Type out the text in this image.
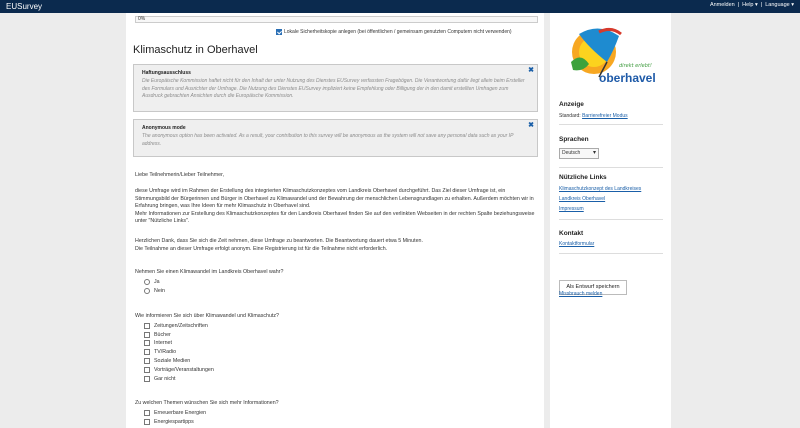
EUSurvey	Anmelden | Help ▾ | Language ▾
0%
Lokale Sicherheitskopie anlegen (bei öffentlichen / gemeinsam genutzten Computern nicht verwenden)
Klimaschutz in Oberhavel
✖
Haftungsausschluss
Die Europäische Kommission haftet nicht für den Inhalt der unter Nutzung des Dienstes EUSurvey verfassten Fragebögen. Die Verantwortung dafür liegt allein beim Ersteller des Formulars und Ausrichter der Umfrage. Die Nutzung des Dienstes EUSurvey impliziert keine Empfehlung oder Billigung der in den damit erstellten Umfragen zum Ausdruck gebrachten Ansichten durch die Europäische Kommission.
✖
Anonymous mode
The anonymous option has been activated. As a result, your contribution to this survey will be anonymous as the system will not save any personal data such as your IP address.
Liebe Teilnehmerin/Lieber Teilnehmer,
diese Umfrage wird im Rahmen der Erstellung des integrierten Klimaschutzkonzeptes vom Landkreis Oberhavel durchgeführt. Das Ziel dieser Umfrage ist, ein Stimmungsbild der Bürgerinnen und Bürger in Oberhavel zu Klimawandel und der Bewahrung der menschlichen Lebensgrundlagen zu erhalten. Außerdem möchten wir in Erfahrung bringen, was Ihre Ideen für mehr Klimaschutz in Oberhavel sind.
Mehr Informationen zur Erstellung des Klimaschutzkonzeptes für den Landkreis Oberhavel finden Sie auf den verlinkten Webseiten in der rechten Spalte beziehungsweise unter "Nützliche Links".
Herzlichen Dank, dass Sie sich die Zeit nehmen, diese Umfrage zu beantworten. Die Beantwortung dauert etwa 5 Minuten.
Die Teilnahme an dieser Umfrage erfolgt anonym. Eine Registrierung ist für die Teilnahme nicht erforderlich.
Nehmen Sie einen Klimawandel im Landkreis Oberhavel wahr?
Ja
Nein
Wie informieren Sie sich über Klimawandel und Klimaschutz?
Zeitungen/Zeitschriften
Bücher
Internet
TV/Radio
Soziale Medien
Vorträge/Veranstaltungen
Gar nicht
Zu welchen Themen wünschen Sie sich mehr Informationen?
Erneuerbare Energien
Energiespartipps
direkt erlebt!
oberhavel
Anzeige
Standard: Barrierefreier Modus
Sprachen
Deutsch ▾
Nützliche Links
Klimaschutzkonzept des Landkreises
Landkreis Oberhavel
Impressum
Kontakt
Kontaktformular
Als Entwurf speichern
Missbrauch melden
